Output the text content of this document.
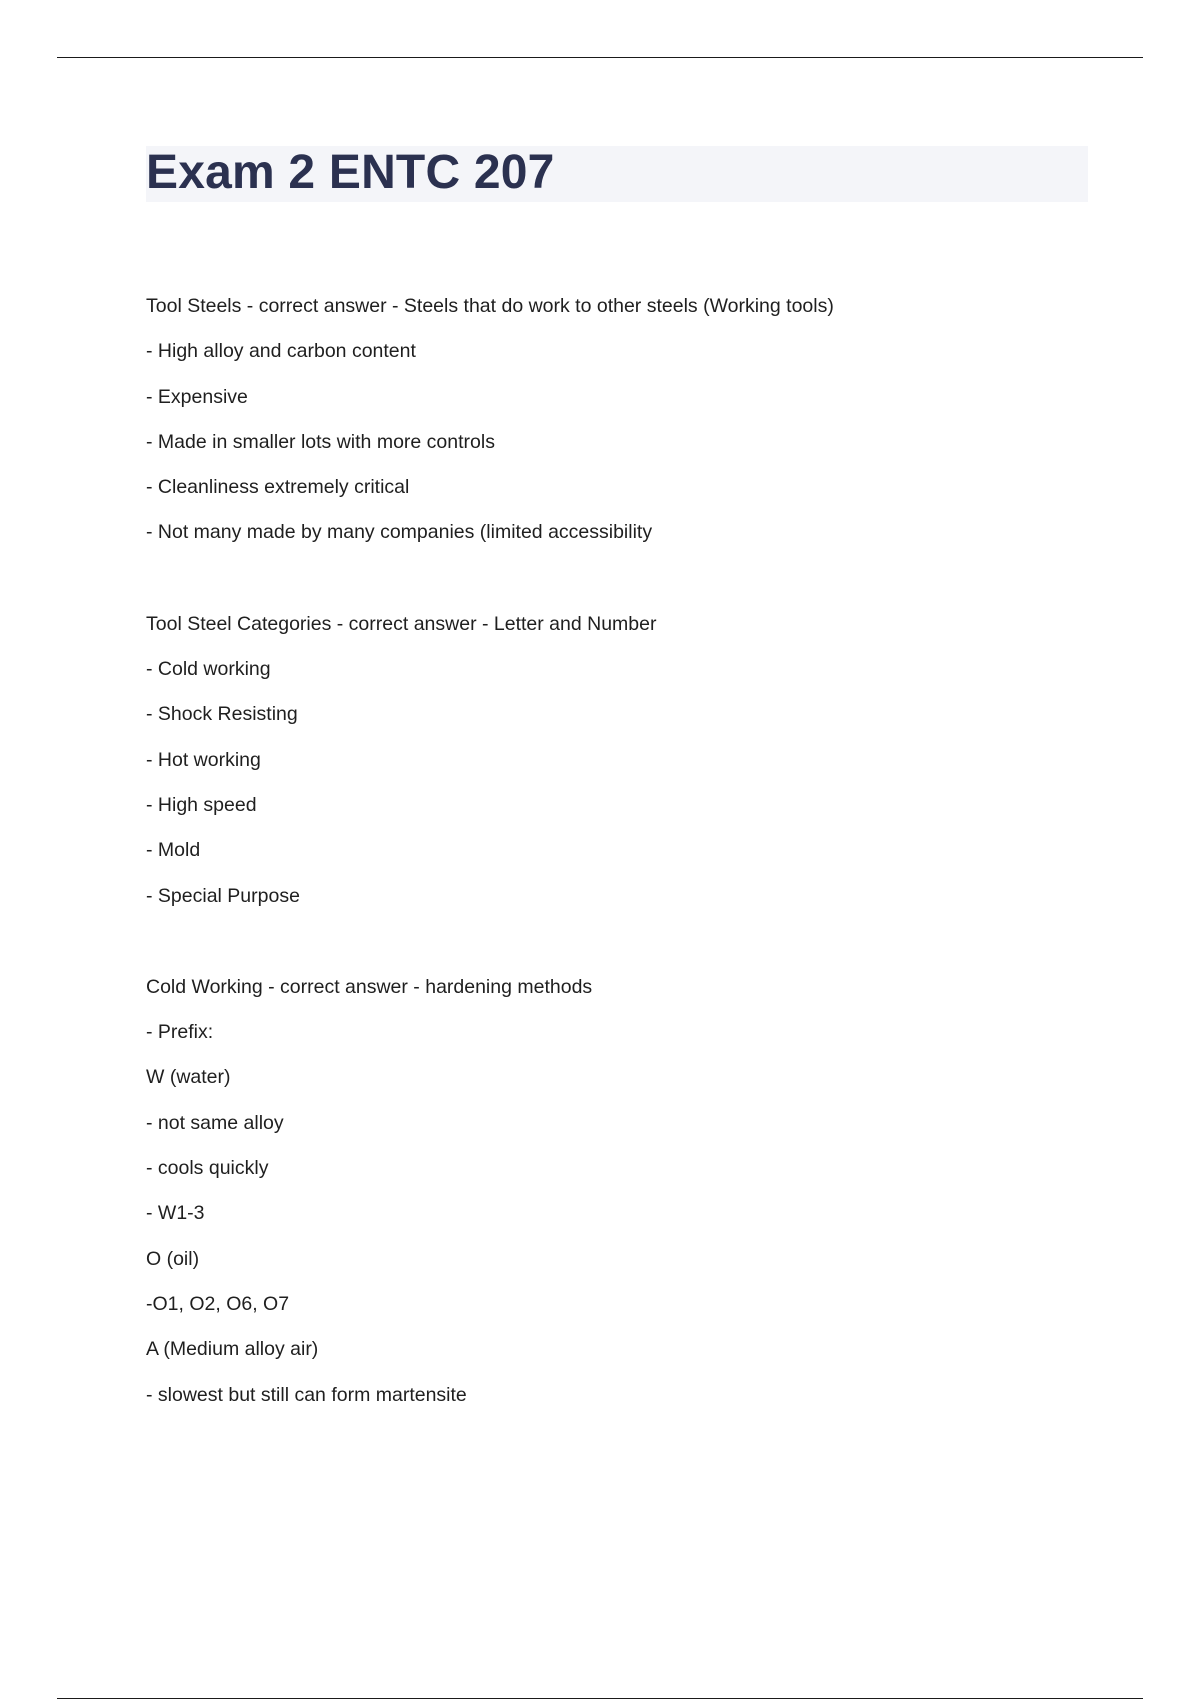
Exam 2 ENTC 207
Tool Steels - correct answer - Steels that do work to other steels (Working tools)
- High alloy and carbon content
- Expensive
- Made in smaller lots with more controls
- Cleanliness extremely critical
- Not many made by many companies (limited accessibility
Tool Steel Categories - correct answer - Letter and Number
- Cold working
- Shock Resisting
- Hot working
- High speed
- Mold
- Special Purpose
Cold Working - correct answer - hardening methods
- Prefix:
W (water)
- not same alloy
- cools quickly
- W1-3
O (oil)
-O1, O2, O6, O7
A (Medium alloy air)
- slowest but still can form martensite
